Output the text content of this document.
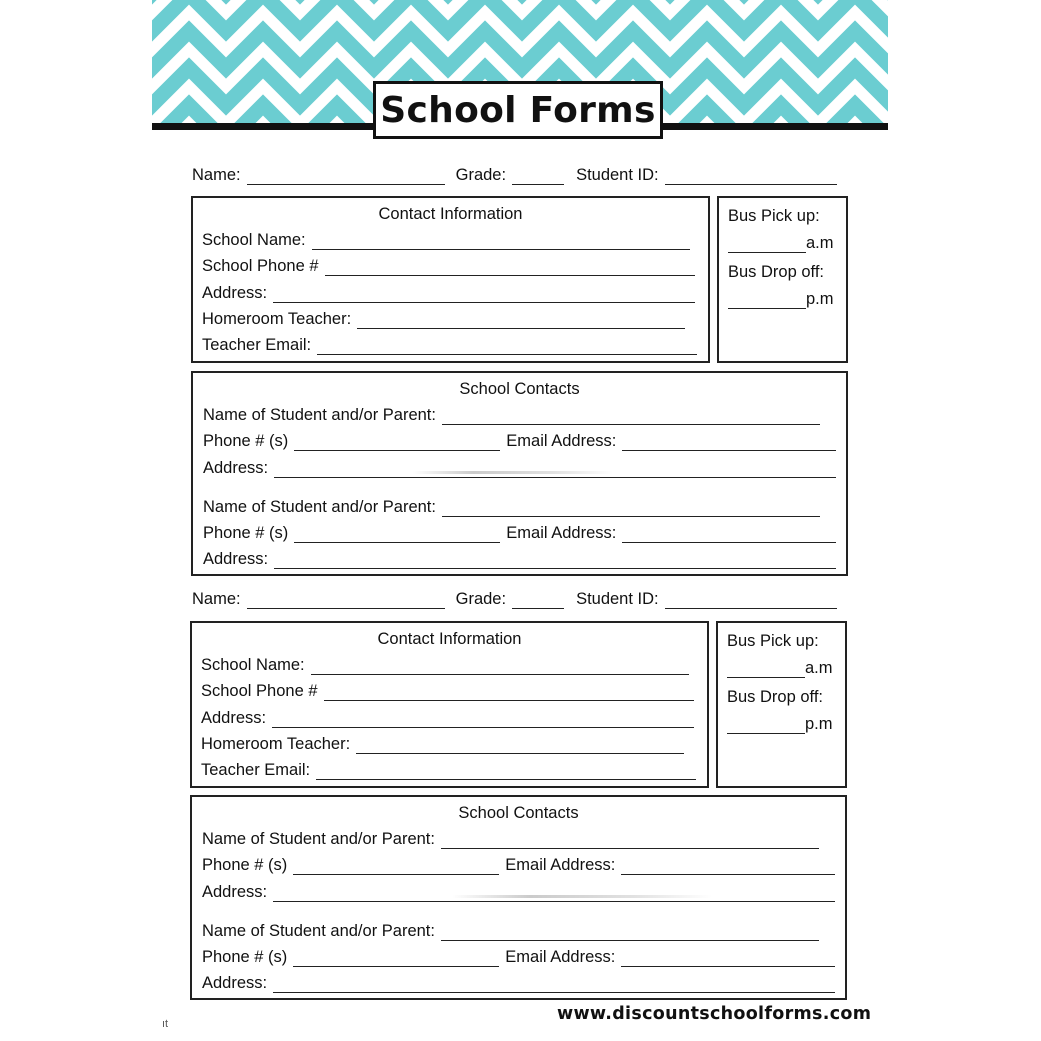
School Forms
Name:	Grade:	Student ID:
Contact Information
School Name:
School Phone #
Address:
Homeroom Teacher:
Teacher Email:
Bus Pick up:
a.m
Bus Drop off:
p.m
School Contacts
Name of Student and/or Parent:
Phone # (s)	Email Address:
Address:
Name of Student and/or Parent:
Phone # (s)	Email Address:
Address:
Name:	Grade:	Student ID:
Contact Information
School Name:
School Phone #
Address:
Homeroom Teacher:
Teacher Email:
Bus Pick up:
a.m
Bus Drop off:
p.m
School Contacts
Name of Student and/or Parent:
Phone # (s)	Email Address:
Address:
Name of Student and/or Parent:
Phone # (s)	Email Address:
Address:
www.discountschoolforms.com
ıt
